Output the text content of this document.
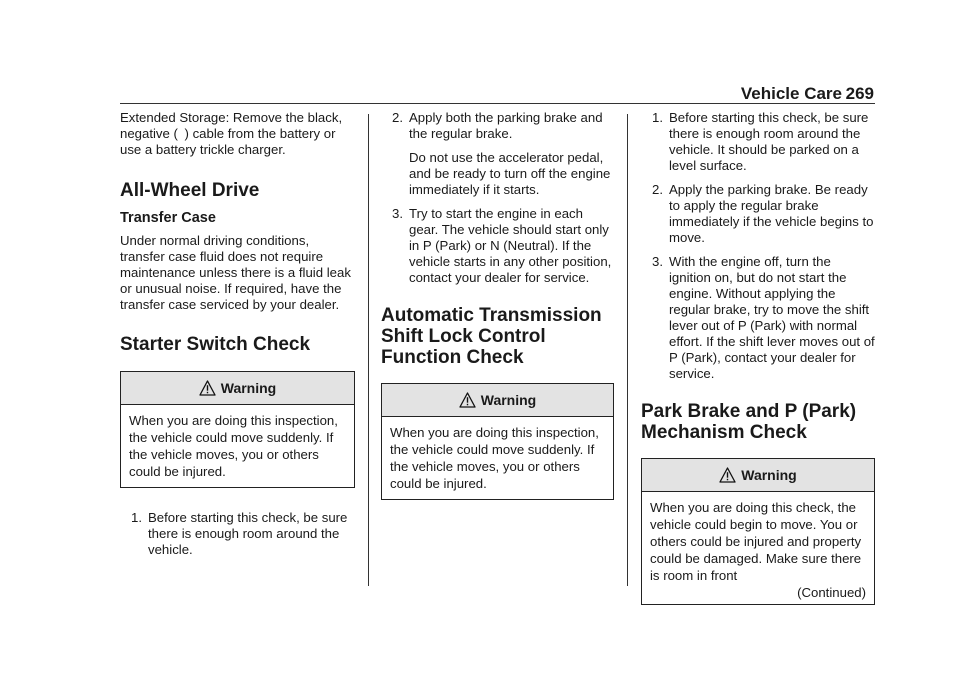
Vehicle Care 269

Extended Storage: Remove the black, negative ( ) cable from the battery or use a battery trickle charger.

All-Wheel Drive
Transfer Case

Under normal driving conditions, transfer case fluid does not require maintenance unless there is a fluid leak or unusual noise. If required, have the transfer case serviced by your dealer.

Starter Switch Check
Warning
When you are doing this inspection, the vehicle could move suddenly. If the vehicle moves, you or others could be injured.
1. Before starting this check, be sure there is enough room around the vehicle.
2. Apply both the parking brake and the regular brake.

Do not use the accelerator pedal, and be ready to turn off the engine immediately if it starts.

3. Try to start the engine in each gear. The vehicle should start only in P (Park) or N (Neutral). If the vehicle starts in any other position, contact your dealer for service.
Automatic Transmission Shift Lock Control Function Check
Warning
When you are doing this inspection, the vehicle could move suddenly. If the vehicle moves, you or others could be injured.
1. Before starting this check, be sure there is enough room around the vehicle. It should be parked on a level surface.
2. Apply the parking brake. Be ready to apply the regular brake immediately if the vehicle begins to move.
3. With the engine off, turn the ignition on, but do not start the engine. Without applying the regular brake, try to move the shift lever out of P (Park) with normal effort. If the shift lever moves out of P (Park), contact your dealer for service.
Park Brake and P (Park) Mechanism Check
Warning
When you are doing this check, the vehicle could begin to move. You or others could be injured and property could be damaged. Make sure there is room in front
(Continued)
